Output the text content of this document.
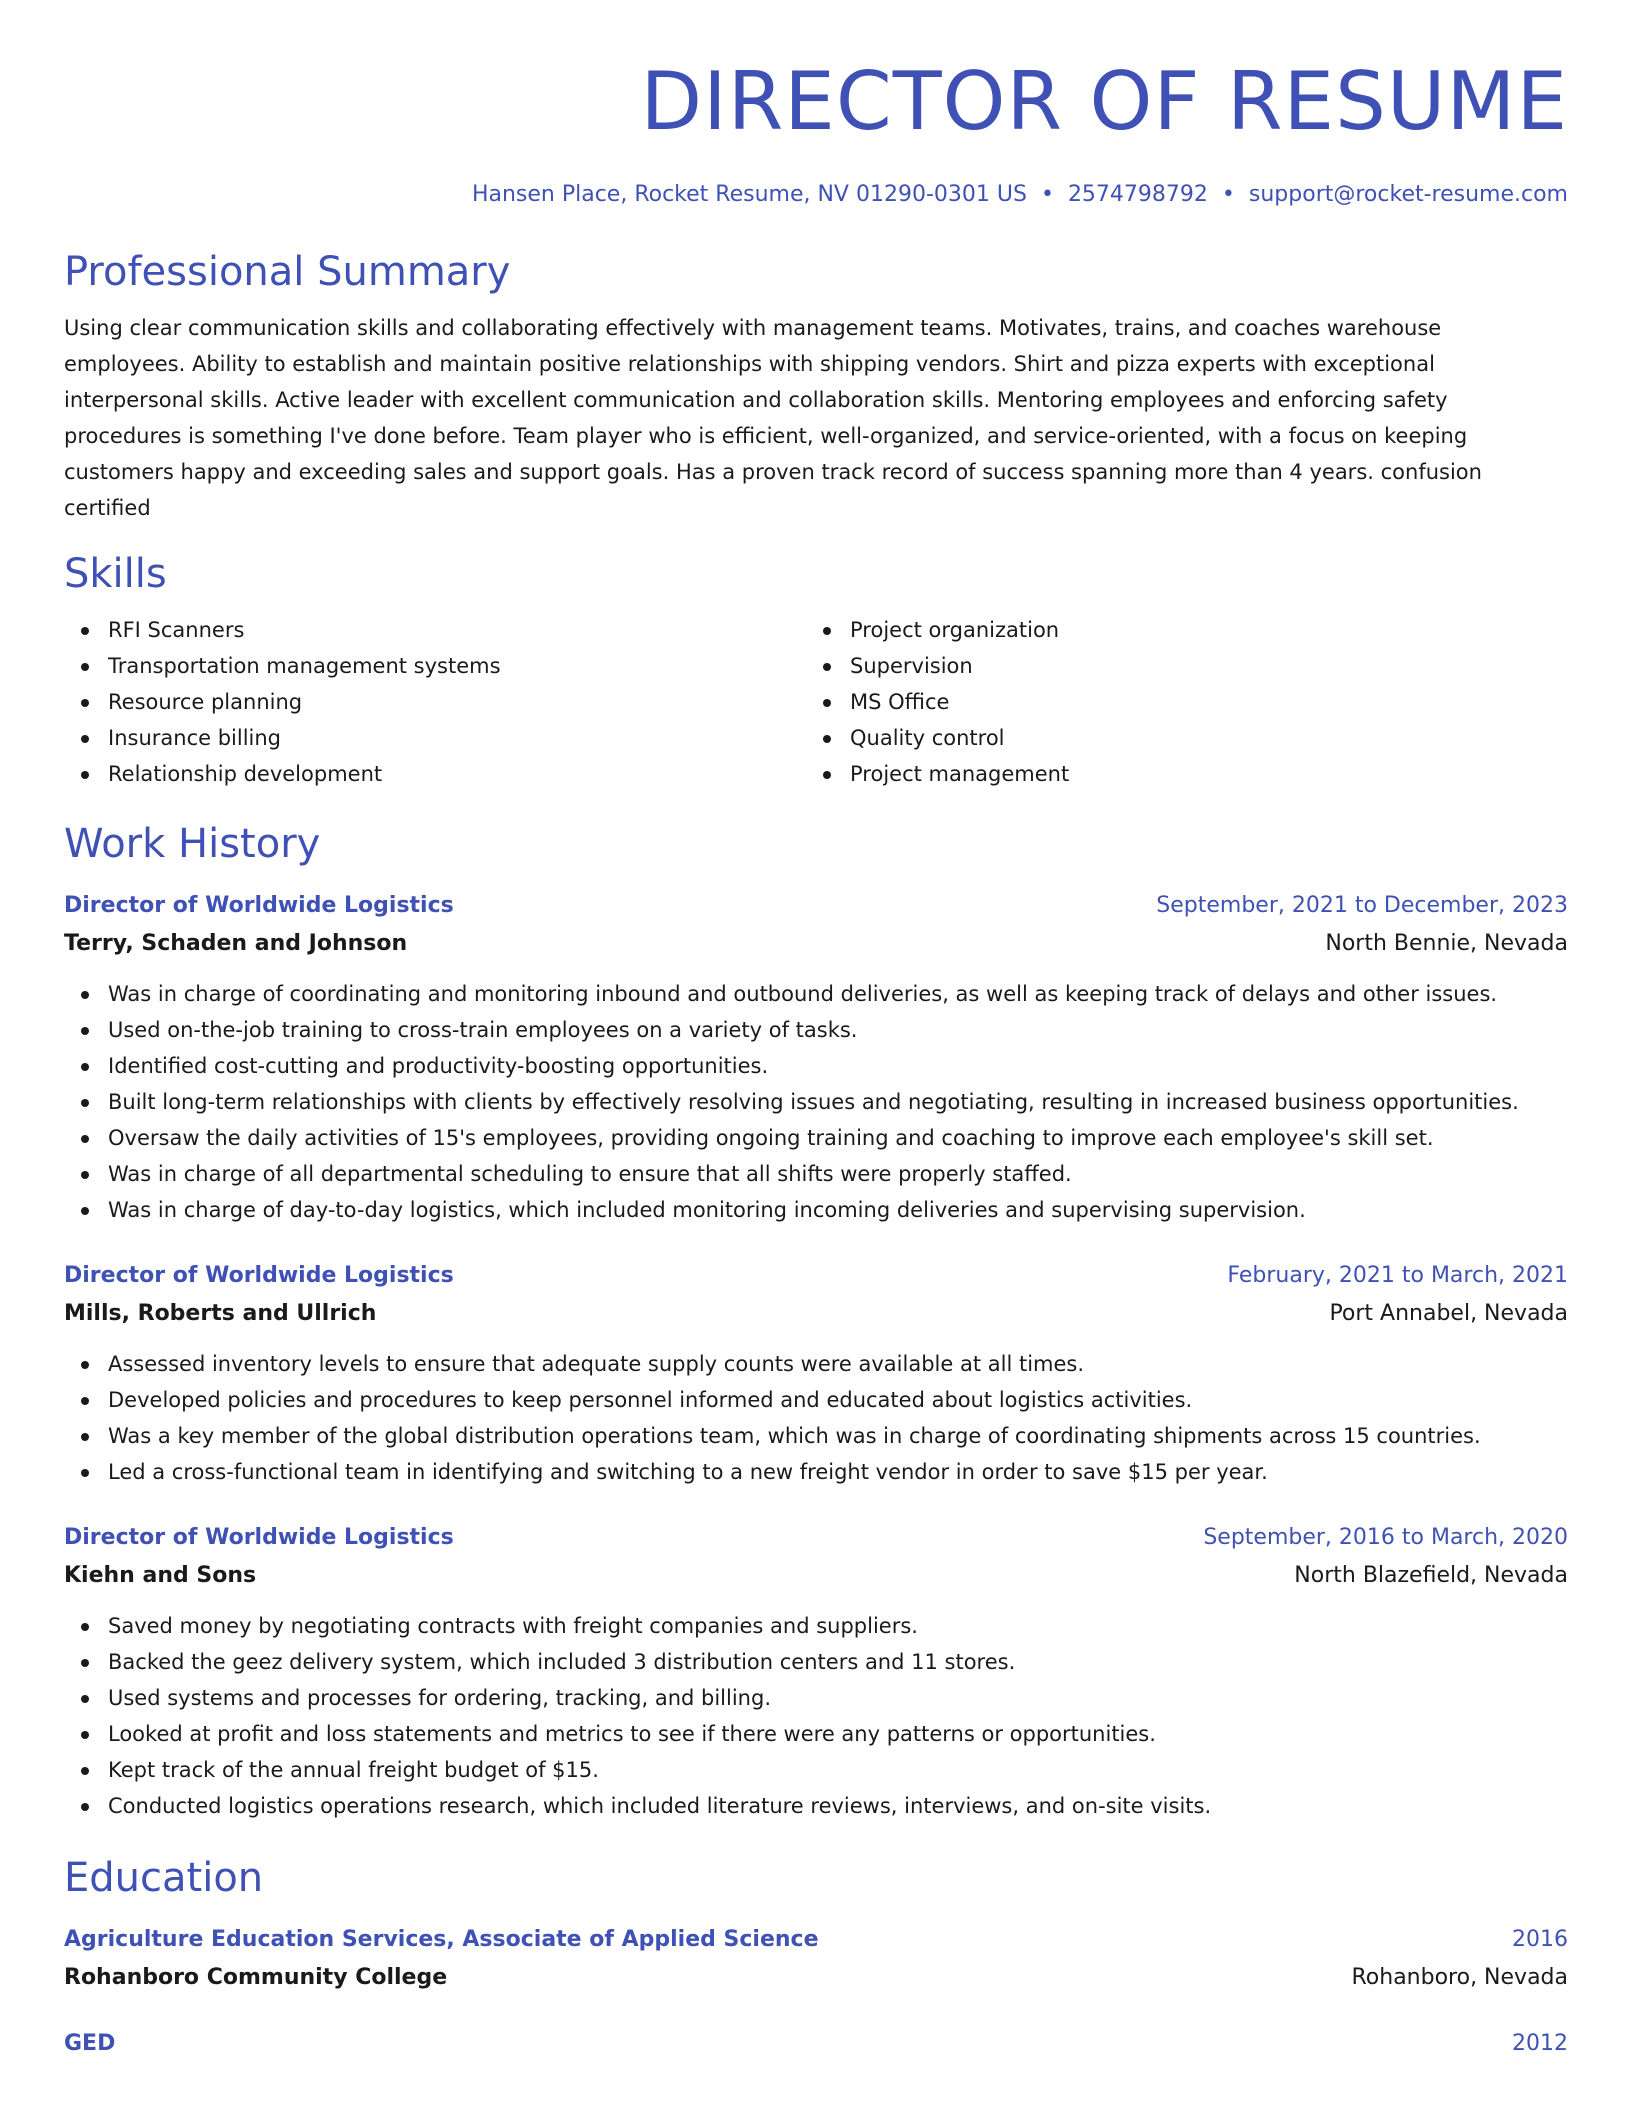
DIRECTOR OF RESUME
Hansen Place, Rocket Resume, NV 01290-0301 US • 2574798792 • support@rocket-resume.com
Professional Summary
Using clear communication skills and collaborating effectively with management teams. Motivates, trains, and coaches warehouse employees. Ability to establish and maintain positive relationships with shipping vendors. Shirt and pizza experts with exceptional interpersonal skills. Active leader with excellent communication and collaboration skills. Mentoring employees and enforcing safety procedures is something I've done before. Team player who is efficient, well-organized, and service-oriented, with a focus on keeping customers happy and exceeding sales and support goals. Has a proven track record of success spanning more than 4 years. confusion certified
Skills
RFI Scanners
Transportation management systems
Resource planning
Insurance billing
Relationship development
Project organization
Supervision
MS Office
Quality control
Project management
Work History
Director of Worldwide Logistics	September, 2021 to December, 2023
Terry, Schaden and Johnson	North Bennie, Nevada
Was in charge of coordinating and monitoring inbound and outbound deliveries, as well as keeping track of delays and other issues.
Used on-the-job training to cross-train employees on a variety of tasks.
Identified cost-cutting and productivity-boosting opportunities.
Built long-term relationships with clients by effectively resolving issues and negotiating, resulting in increased business opportunities.
Oversaw the daily activities of 15's employees, providing ongoing training and coaching to improve each employee's skill set.
Was in charge of all departmental scheduling to ensure that all shifts were properly staffed.
Was in charge of day-to-day logistics, which included monitoring incoming deliveries and supervising supervision.
Director of Worldwide Logistics	February, 2021 to March, 2021
Mills, Roberts and Ullrich	Port Annabel, Nevada
Assessed inventory levels to ensure that adequate supply counts were available at all times.
Developed policies and procedures to keep personnel informed and educated about logistics activities.
Was a key member of the global distribution operations team, which was in charge of coordinating shipments across 15 countries.
Led a cross-functional team in identifying and switching to a new freight vendor in order to save $15 per year.
Director of Worldwide Logistics	September, 2016 to March, 2020
Kiehn and Sons	North Blazefield, Nevada
Saved money by negotiating contracts with freight companies and suppliers.
Backed the geez delivery system, which included 3 distribution centers and 11 stores.
Used systems and processes for ordering, tracking, and billing.
Looked at profit and loss statements and metrics to see if there were any patterns or opportunities.
Kept track of the annual freight budget of $15.
Conducted logistics operations research, which included literature reviews, interviews, and on-site visits.
Education
Agriculture Education Services, Associate of Applied Science	2016
Rohanboro Community College	Rohanboro, Nevada
GED	2012
